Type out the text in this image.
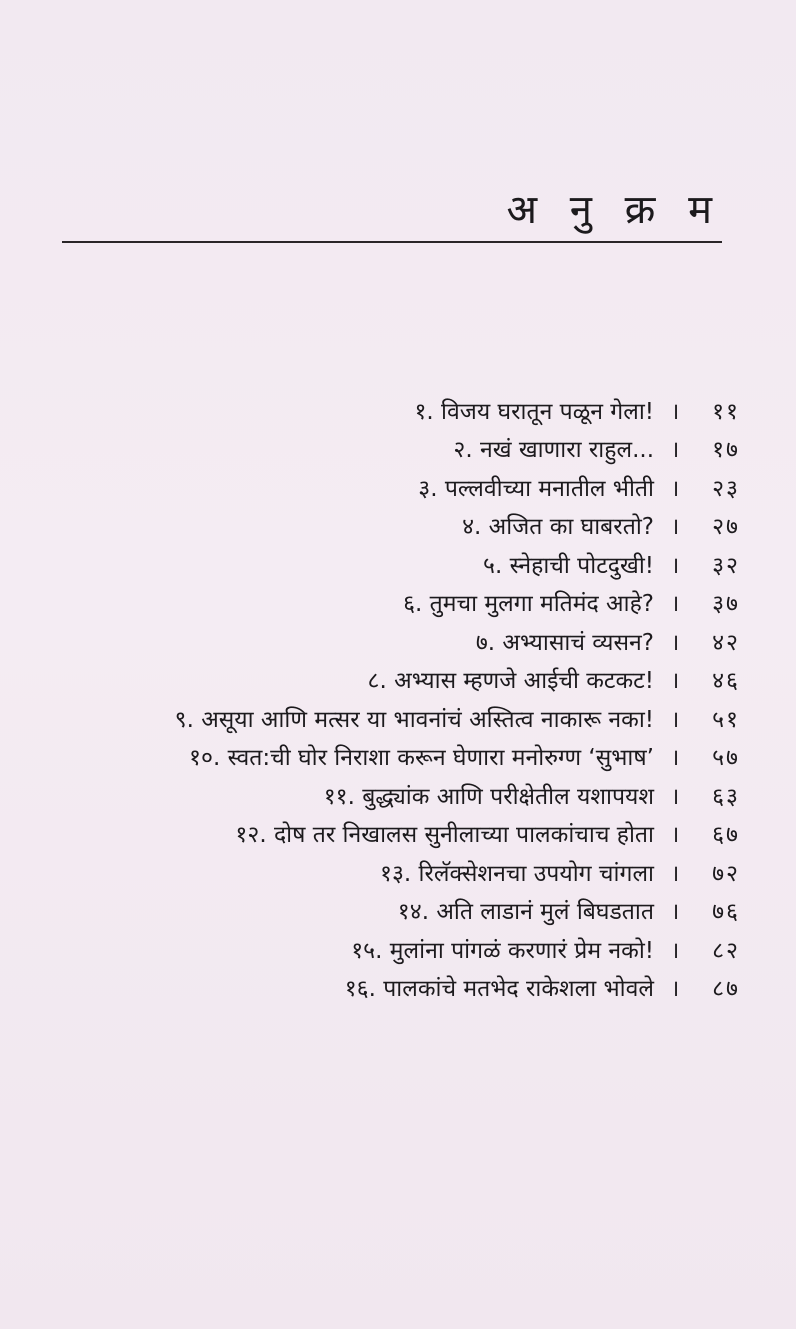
अ नु क्र म
१. विजय घरातून पळून गेला! ।	११
२. नखं खाणारा राहुल... ।	१७
३. पल्लवीच्या मनातील भीती ।	२३
४. अजित का घाबरतो? ।	२७
५. स्नेहाची पोटदुखी! ।	३२
६. तुमचा मुलगा मतिमंद आहे? ।	३७
७. अभ्यासाचं व्यसन? ।	४२
८. अभ्यास म्हणजे आईची कटकट! ।	४६
९. असूया आणि मत्सर या भावनांचं अस्तित्व नाकारू नका! ।	५१
१०. स्वत:ची घोर निराशा करून घेणारा मनोरुग्ण ‘सुभाष’ ।	५७
११. बुद्ध्यांक आणि परीक्षेतील यशापयश ।	६३
१२. दोष तर निखालस सुनीलाच्या पालकांचाच होता ।	६७
१३. रिलॅक्सेशनचा उपयोग चांगला ।	७२
१४. अति लाडानं मुलं बिघडतात ।	७६
१५. मुलांना पांगळं करणारं प्रेम नको! ।	८२
१६. पालकांचे मतभेद राकेशला भोवले ।	८७
